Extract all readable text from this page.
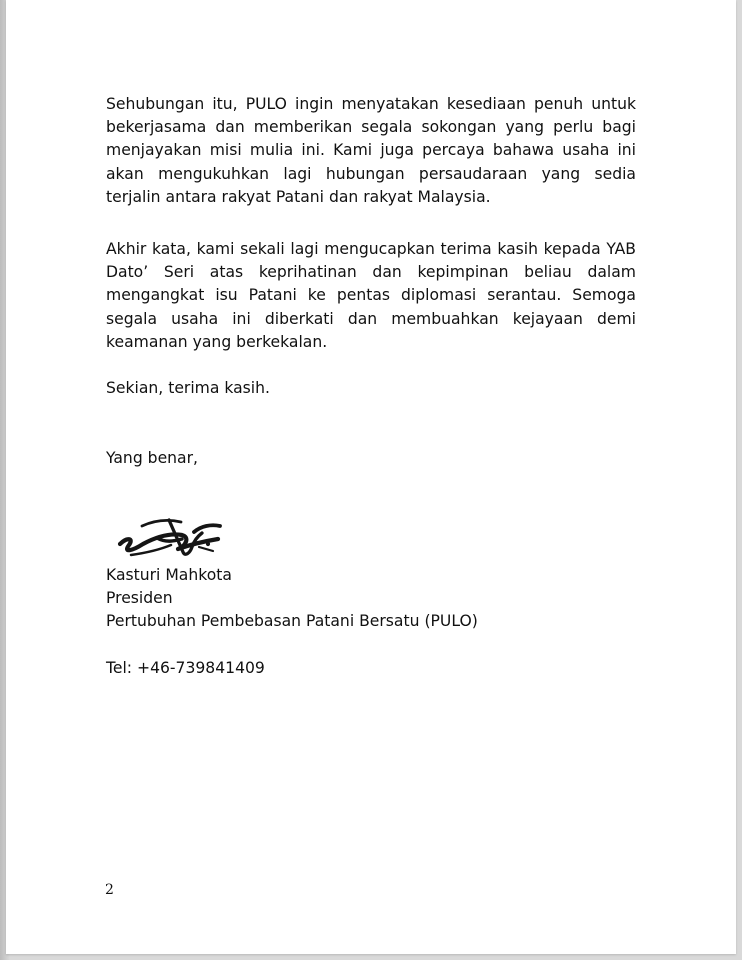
Sehubungan itu, PULO ingin menyatakan kesediaan penuh untuk
bekerjasama dan memberikan segala sokongan yang perlu bagi
menjayakan misi mulia ini. Kami juga percaya bahawa usaha ini
akan mengukuhkan lagi hubungan persaudaraan yang sedia
terjalin antara rakyat Patani dan rakyat Malaysia.
Akhir kata, kami sekali lagi mengucapkan terima kasih kepada YAB
Dato’ Seri atas keprihatinan dan kepimpinan beliau dalam
mengangkat isu Patani ke pentas diplomasi serantau. Semoga
segala usaha ini diberkati dan membuahkan kejayaan demi
keamanan yang berkekalan.
Sekian, terima kasih.
Yang benar,
Kasturi Mahkota
Presiden
Pertubuhan Pembebasan Patani Bersatu (PULO)
Tel: +46-739841409
2
